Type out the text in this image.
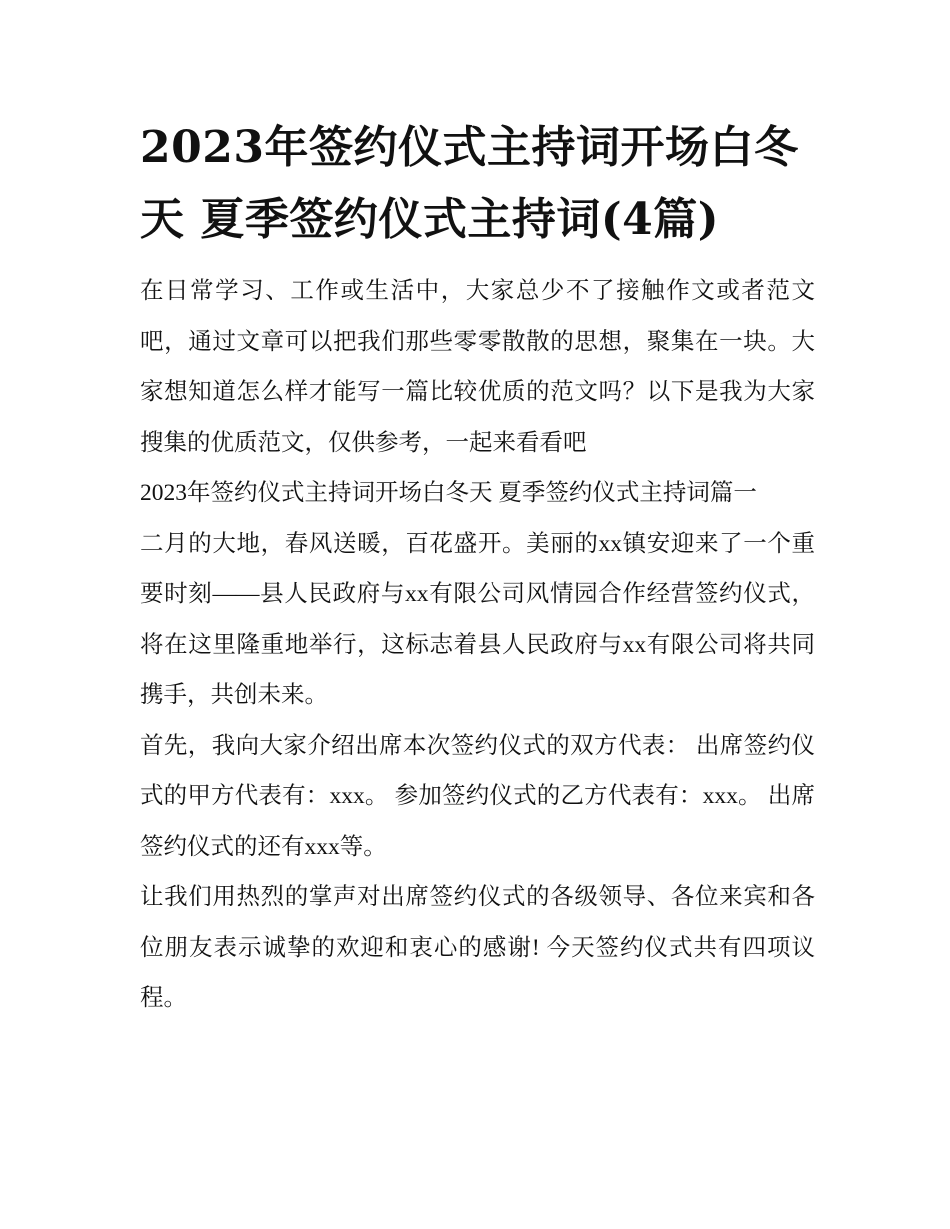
2023年签约仪式主持词开场白冬天 夏季签约仪式主持词(4篇)

在日常学习、工作或生活中，大家总少不了接触作文或者范文吧，通过文章可以把我们那些零零散散的思想，聚集在一块。大家想知道怎么样才能写一篇比较优质的范文吗？以下是我为大家搜集的优质范文，仅供参考，一起来看看吧

2023年签约仪式主持词开场白冬天 夏季签约仪式主持词篇一

二月的大地，春风送暖，百花盛开。美丽的xx镇安迎来了一个重要时刻——县人民政府与xx有限公司风情园合作经营签约仪式，将在这里隆重地举行，这标志着县人民政府与xx有限公司将共同携手，共创未来。

首先，我向大家介绍出席本次签约仪式的双方代表： 出席签约仪式的甲方代表有：xxx。 参加签约仪式的乙方代表有：xxx。 出席签约仪式的还有xxx等。

让我们用热烈的掌声对出席签约仪式的各级领导、各位来宾和各位朋友表示诚挚的欢迎和衷心的感谢! 今天签约仪式共有四项议程。
